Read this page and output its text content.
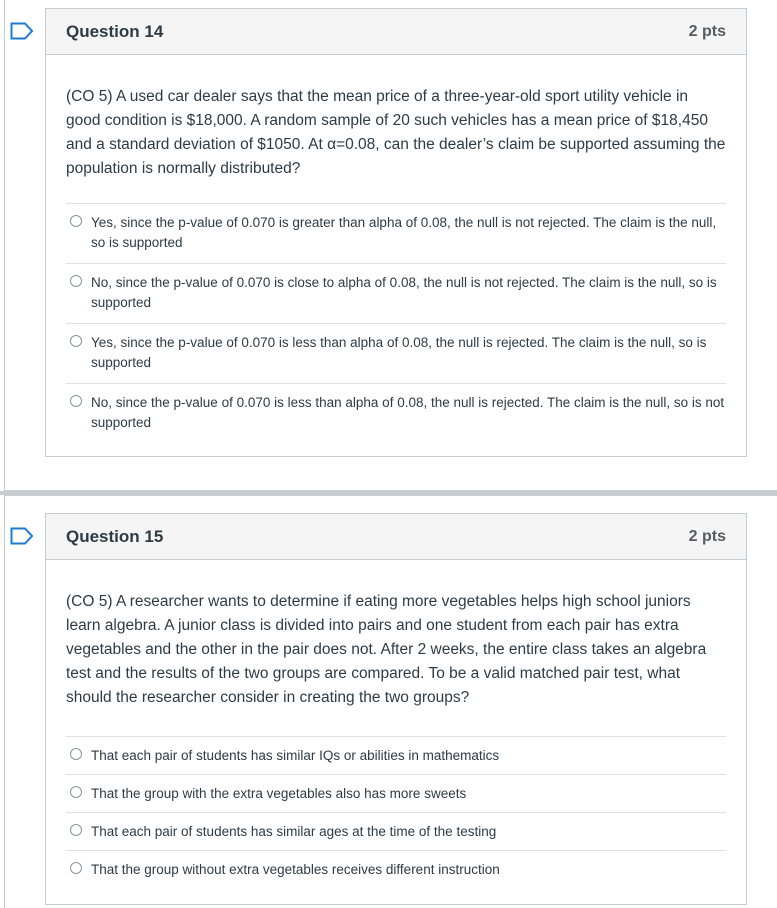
Question 14	2 pts
(CO 5) A used car dealer says that the mean price of a three-year-old sport utility vehicle in good condition is $18,000. A random sample of 20 such vehicles has a mean price of $18,450 and a standard deviation of $1050. At α=0.08, can the dealer’s claim be supported assuming the population is normally distributed?
Yes, since the p-value of 0.070 is greater than alpha of 0.08, the null is not rejected. The claim is the null, so is supported
No, since the p-value of 0.070 is close to alpha of 0.08, the null is not rejected. The claim is the null, so is supported
Yes, since the p-value of 0.070 is less than alpha of 0.08, the null is rejected. The claim is the null, so is supported
No, since the p-value of 0.070 is less than alpha of 0.08, the null is rejected. The claim is the null, so is not supported
Question 15	2 pts
(CO 5) A researcher wants to determine if eating more vegetables helps high school juniors learn algebra. A junior class is divided into pairs and one student from each pair has extra vegetables and the other in the pair does not. After 2 weeks, the entire class takes an algebra test and the results of the two groups are compared. To be a valid matched pair test, what should the researcher consider in creating the two groups?
That each pair of students has similar IQs or abilities in mathematics
That the group with the extra vegetables also has more sweets
That each pair of students has similar ages at the time of the testing
That the group without extra vegetables receives different instruction
